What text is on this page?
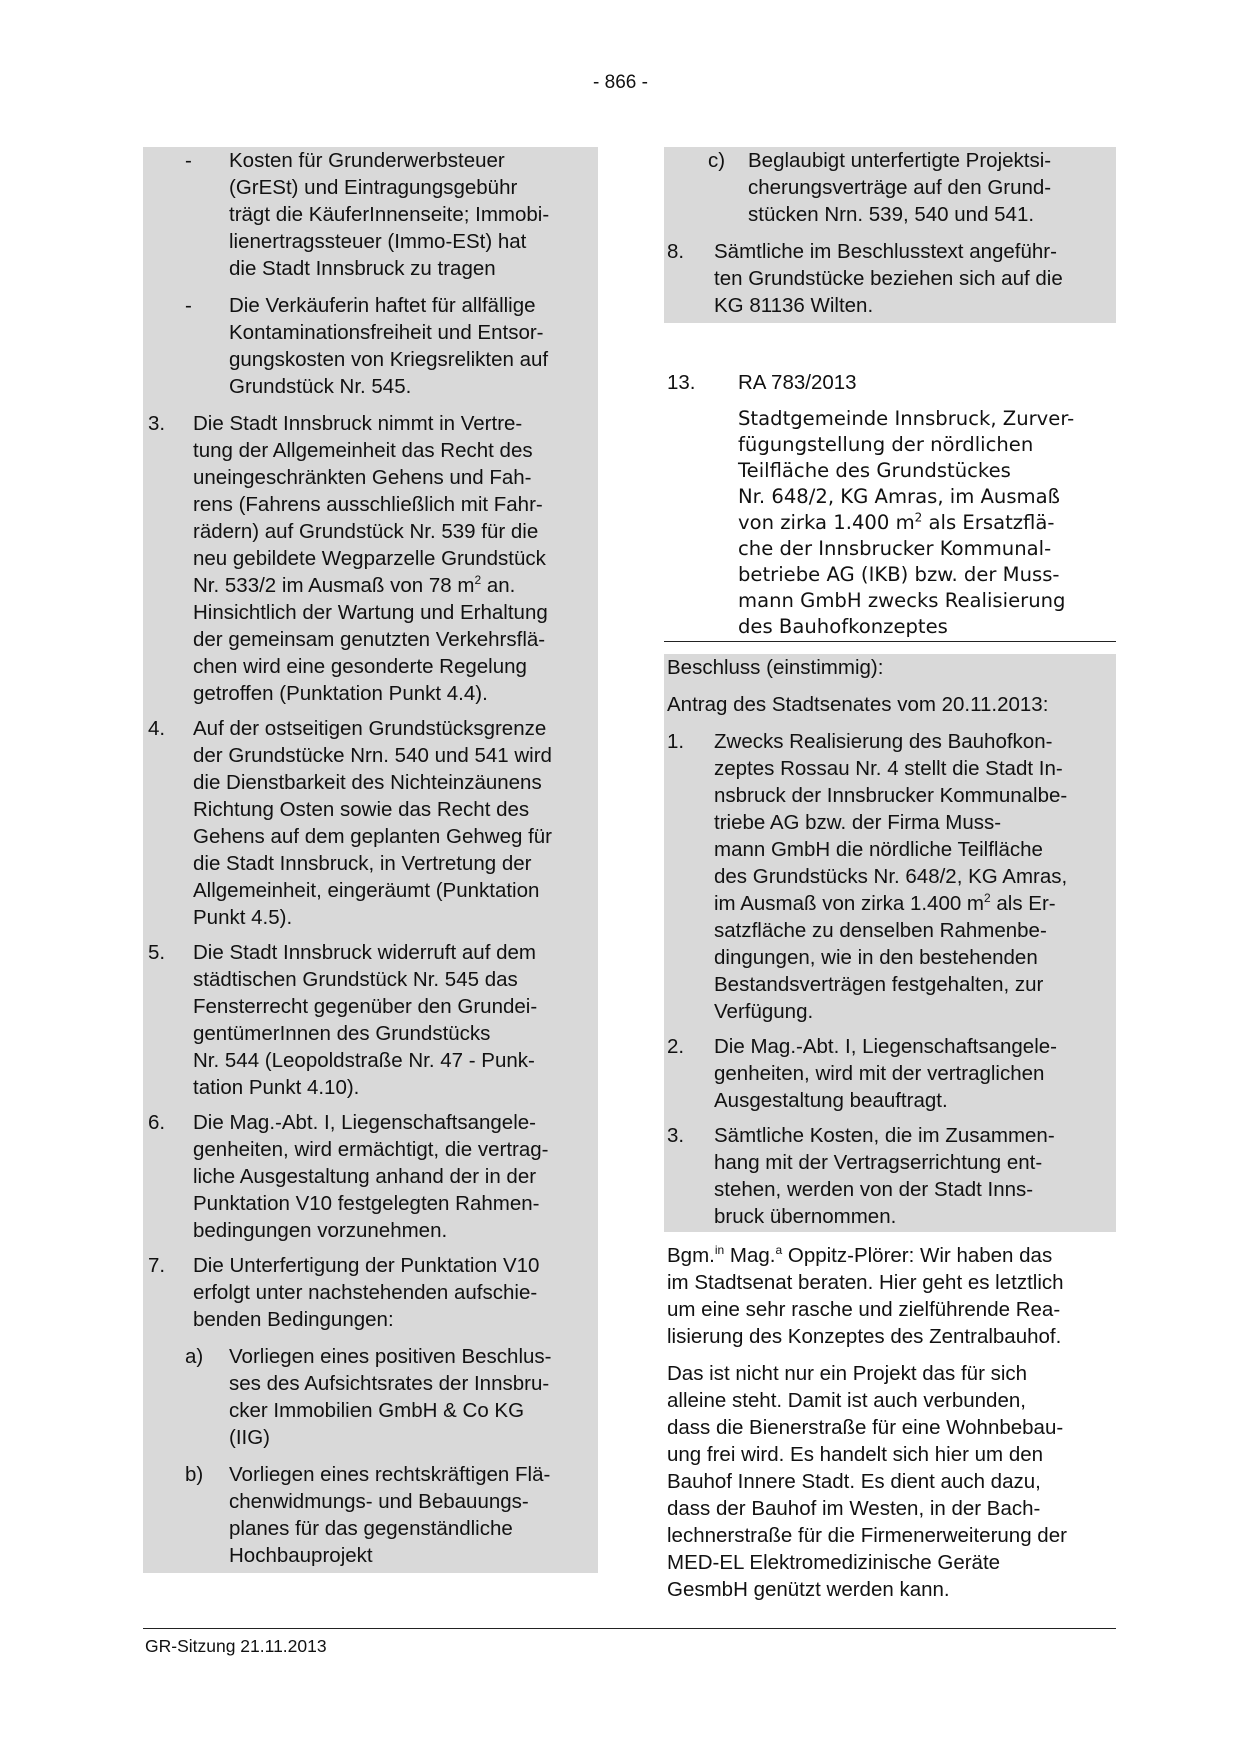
- 866 -
- Kosten für Grunderwerbsteuer
(GrESt) und Eintragungsgebühr
trägt die KäuferInnenseite; Immobi-
lienertragssteuer (Immo-ESt) hat
die Stadt Innsbruck zu tragen
- Die Verkäuferin haftet für allfällige
Kontaminationsfreiheit und Entsor-
gungskosten von Kriegsrelikten auf
Grundstück Nr. 545.
3. Die Stadt Innsbruck nimmt in Vertre-
tung der Allgemeinheit das Recht des
uneingeschränkten Gehens und Fah-
rens (Fahrens ausschließlich mit Fahr-
rädern) auf Grundstück Nr. 539 für die
neu gebildete Wegparzelle Grundstück
Nr. 533/2 im Ausmaß von 78 $m^2$ an.
Hinsichtlich der Wartung und Erhaltung
der gemeinsam genutzten Verkehrsflä-
chen wird eine gesonderte Regelung
getroffen (Punktation Punkt 4.4).
4. Auf der ostseitigen Grundstücksgrenze
der Grundstücke Nrn. 540 und 541 wird
die Dienstbarkeit des Nichteinzäunens
Richtung Osten sowie das Recht des
Gehens auf dem geplanten Gehweg für
die Stadt Innsbruck, in Vertretung der
Allgemeinheit, eingeräumt (Punktation
Punkt 4.5).
5. Die Stadt Innsbruck widerruft auf dem
städtischen Grundstück Nr. 545 das
Fensterrecht gegenüber den Grundei-
gentümerInnen des Grundstücks
Nr. 544 (Leopoldstraße Nr. 47 - Punk-
tation Punkt 4.10).
6. Die Mag.-Abt. I, Liegenschaftsangele-
genheiten, wird ermächtigt, die vertrag-
liche Ausgestaltung anhand der in der
Punktation V10 festgelegten Rahmen-
bedingungen vorzunehmen.
7. Die Unterfertigung der Punktation V10
erfolgt unter nachstehenden aufschie-
benden Bedingungen:
a) Vorliegen eines positiven Beschlus-
ses des Aufsichtsrates der Innsbru-
cker Immobilien GmbH & Co KG
(IIG)
b) Vorliegen eines rechtskräftigen Flä-
chenwidmungs- und Bebauungs-
planes für das gegenständliche
Hochbauprojekt
c) Beglaubigt unterfertigte Projektsi-
cherungsverträge auf den Grund-
stücken Nrn. 539, 540 und 541.
8. Sämtliche im Beschlusstext angeführ-
ten Grundstücke beziehen sich auf die
KG 81136 Wilten.
13. RA 783/2013
Stadtgemeinde Innsbruck, Zurver-
fügungstellung der nördlichen
Teilfläche des Grundstückes
Nr. 648/2, KG Amras, im Ausmaß
von zirka 1.400 $m^2$ als Ersatzflä-
che der Innsbrucker Kommunal-
betriebe AG (IKB) bzw. der Muss-
mann GmbH zwecks Realisierung
des Bauhofkonzeptes
Beschluss (einstimmig):
Antrag des Stadtsenates vom 20.11.2013:
1. Zwecks Realisierung des Bauhofkon-
zeptes Rossau Nr. 4 stellt die Stadt In-
nsbruck der Innsbrucker Kommunalbe-
triebe AG bzw. der Firma Muss-
mann GmbH die nördliche Teilfläche
des Grundstücks Nr. 648/2, KG Amras,
im Ausmaß von zirka 1.400 $m^2$ als Er-
satzfläche zu denselben Rahmenbe-
dingungen, wie in den bestehenden
Bestandsverträgen festgehalten, zur
Verfügung.
2. Die Mag.-Abt. I, Liegenschaftsangele-
genheiten, wird mit der vertraglichen
Ausgestaltung beauftragt.
3. Sämtliche Kosten, die im Zusammen-
hang mit der Vertragserrichtung ent-
stehen, werden von der Stadt Inns-
bruck übernommen.
Bgm.$^{in}$ Mag.$^a$ Oppitz-Plörer: Wir haben das
im Stadtsenat beraten. Hier geht es letztlich
um eine sehr rasche und zielführende Rea-
lisierung des Konzeptes des Zentralbauhof.
Das ist nicht nur ein Projekt das für sich
alleine steht. Damit ist auch verbunden,
dass die Bienerstraße für eine Wohnbebau-
ung frei wird. Es handelt sich hier um den
Bauhof Innere Stadt. Es dient auch dazu,
dass der Bauhof im Westen, in der Bach-
lechnerstraße für die Firmenerweiterung der
MED-EL Elektromedizinische Geräte
GesmbH genützt werden kann.
GR-Sitzung 21.11.2013
